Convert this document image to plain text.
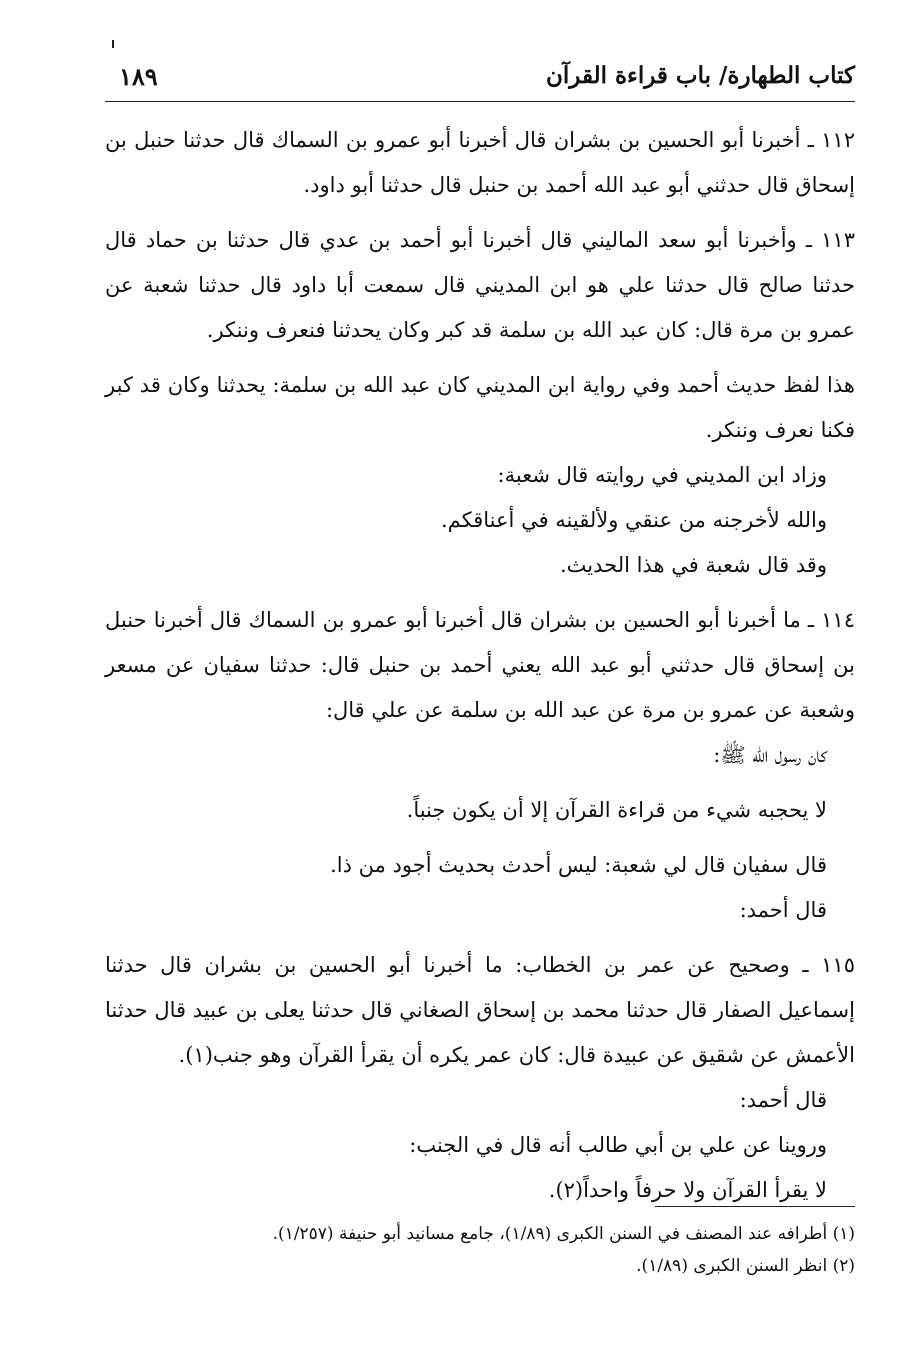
كتاب الطهارة/ باب قراءة القرآن
١٨٩

١١٢ ـ أخبرنا أبو الحسين بن بشران قال أخبرنا أبو عمرو بن السماك قال حدثنا حنبل بن إسحاق قال حدثني أبو عبد الله أحمد بن حنبل قال حدثنا أبو داود.

١١٣ ـ وأخبرنا أبو سعد الماليني قال أخبرنا أبو أحمد بن عدي قال حدثنا بن حماد قال حدثنا صالح قال حدثنا علي هو ابن المديني قال سمعت أبا داود قال حدثنا شعبة عن عمرو بن مرة قال: كان عبد الله بن سلمة قد كبر وكان يحدثنا فنعرف وننكر.

هذا لفظ حديث أحمد وفي رواية ابن المديني كان عبد الله بن سلمة: يحدثنا وكان قد كبر فكنا نعرف وننكر.

وزاد ابن المديني في روايته قال شعبة:

والله لأخرجنه من عنقي ولألقينه في أعناقكم.

وقد قال شعبة في هذا الحديث.

١١٤ ـ ما أخبرنا أبو الحسين بن بشران قال أخبرنا أبو عمرو بن السماك قال أخبرنا حنبل بن إسحاق قال حدثني أبو عبد الله يعني أحمد بن حنبل قال: حدثنا سفيان عن مسعر وشعبة عن عمرو بن مرة عن عبد الله بن سلمة عن علي قال:

كان رسول الله ﷺ:

لا يحجبه شيء من قراءة القرآن إلا أن يكون جنباً.

قال سفيان قال لي شعبة: ليس أحدث بحديث أجود من ذا.

قال أحمد:

١١٥ ـ وصحيح عن عمر بن الخطاب: ما أخبرنا أبو الحسين بن بشران قال حدثنا إسماعيل الصفار قال حدثنا محمد بن إسحاق الصغاني قال حدثنا يعلى بن عبيد قال حدثنا الأعمش عن شقيق عن عبيدة قال: كان عمر يكره أن يقرأ القرآن وهو جنب(١).

قال أحمد:

وروينا عن علي بن أبي طالب أنه قال في الجنب:

لا يقرأ القرآن ولا حرفاً واحداً(٢).

(١) أطرافه عند المصنف في السنن الكبرى (١/٨٩)، جامع مسانيد أبو حنيفة (١/٢٥٧).

(٢) انظر السنن الكبرى (١/٨٩).
